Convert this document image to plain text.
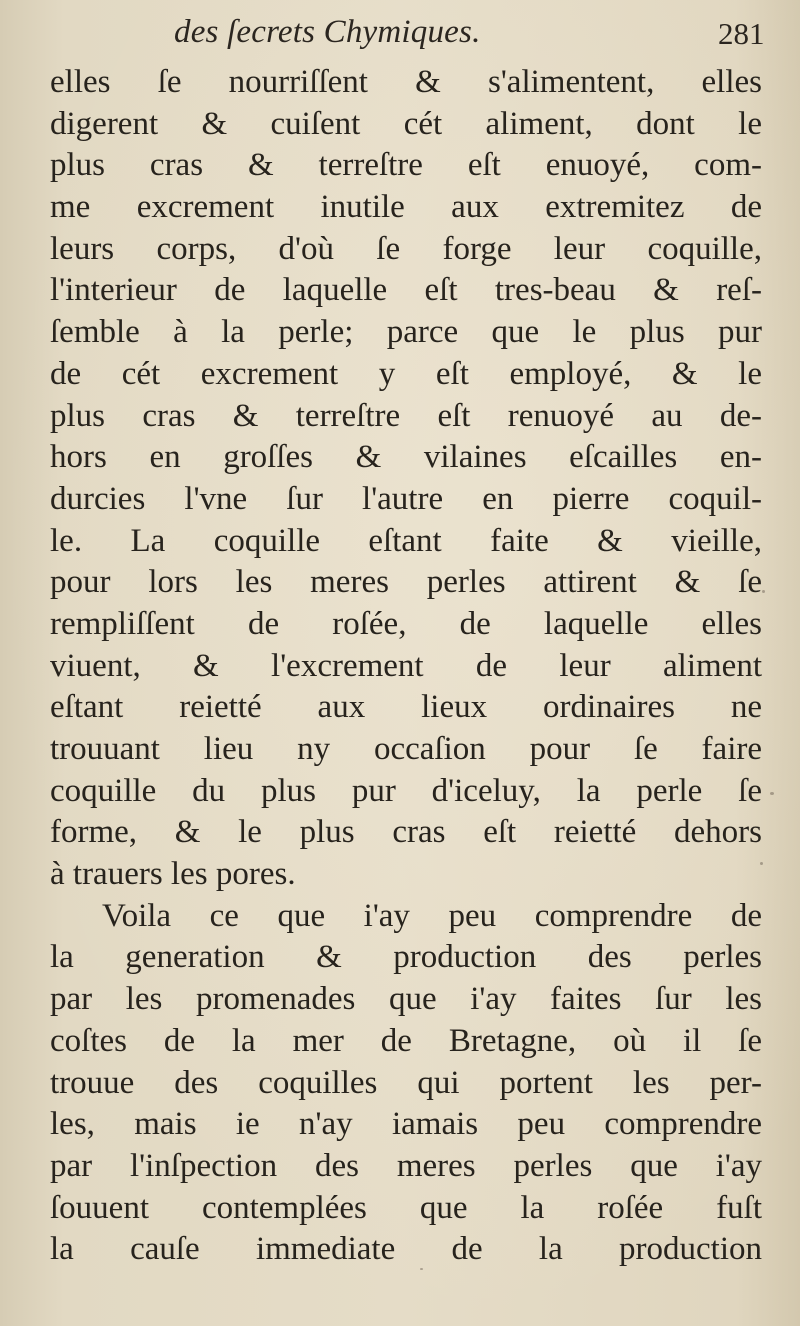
des ſecrets Chymiques.	281
elles ſe nourriſſent & s'alimentent, elles
digerent & cuiſent cét aliment, dont le
plus cras & terreſtre eſt enuoyé, com-
me excrement inutile aux extremitez de
leurs corps, d'où ſe forge leur coquille,
l'interieur de laquelle eſt tres-beau & reſ-
ſemble à la perle; parce que le plus pur
de cét excrement y eſt employé, & le
plus cras & terreſtre eſt renuoyé au de-
hors en groſſes & vilaines eſcailles en-
durcies l'vne ſur l'autre en pierre coquil-
le. La coquille eſtant faite & vieille,
pour lors les meres perles attirent & ſe
rempliſſent de roſée, de laquelle elles
viuent, & l'excrement de leur aliment
eſtant reietté aux lieux ordinaires ne
trouuant lieu ny occaſion pour ſe faire
coquille du plus pur d'iceluy, la perle ſe
forme, & le plus cras eſt reietté dehors
à trauers les pores.
Voila ce que i'ay peu comprendre de
la generation & production des perles
par les promenades que i'ay faites ſur les
coſtes de la mer de Bretagne, où il ſe
trouue des coquilles qui portent les per-
les, mais ie n'ay iamais peu comprendre
par l'inſpection des meres perles que i'ay
ſouuent contemplées que la roſée fuſt
la cauſe immediate de la production
